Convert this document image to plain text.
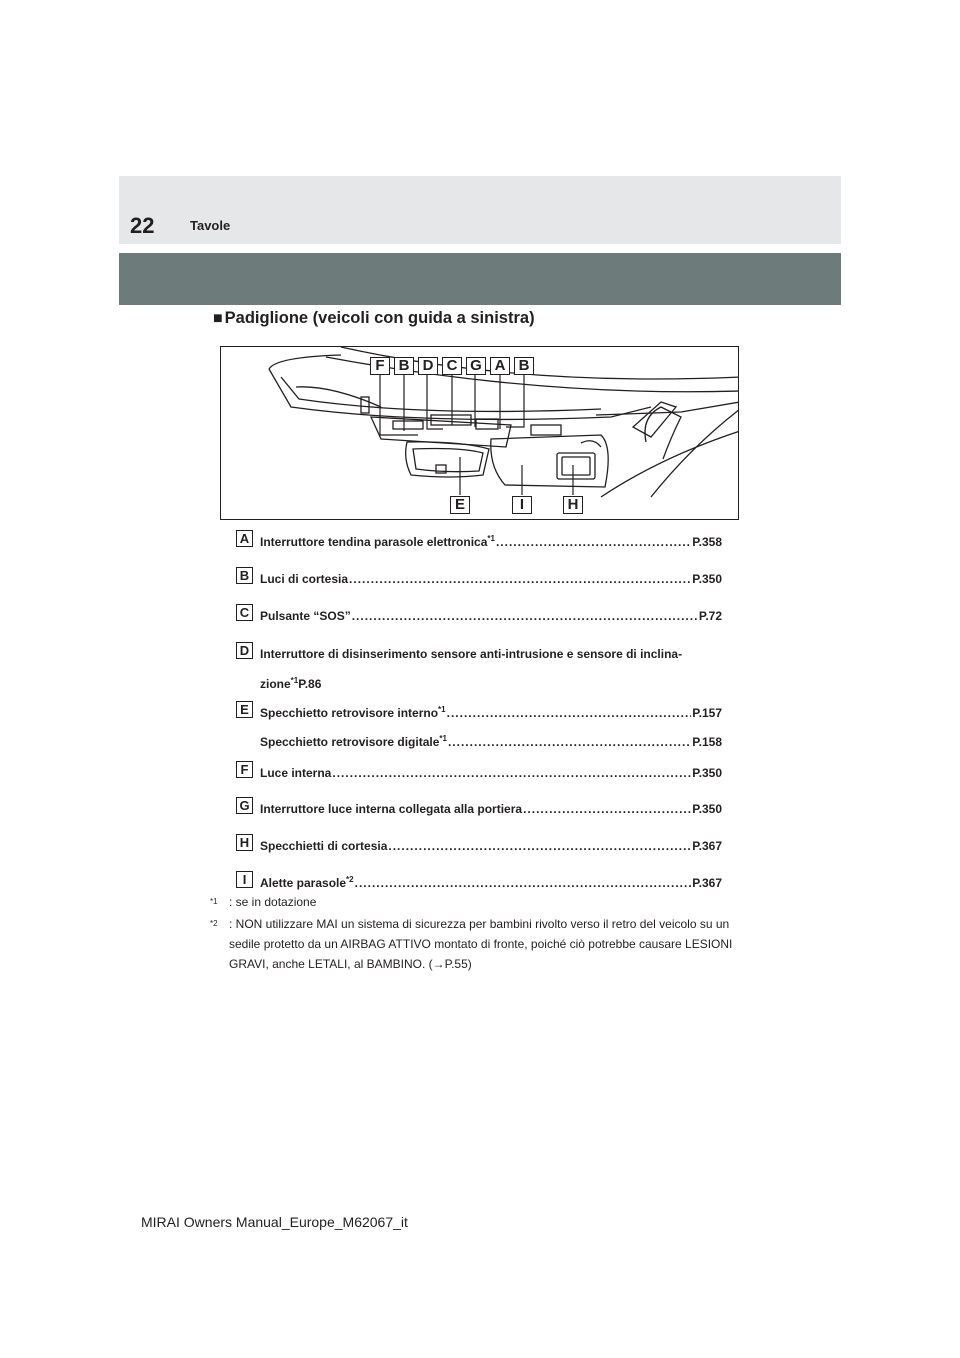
22	Tavole
■ Padiglione (veicoli con guida a sinistra)
F B D C G A B
E	I	H
A Interruttore tendina parasole elettronica$^{*1}$ .....	P.358
B Luci di cortesia .....	P.350
C Pulsante “SOS” .....	P.72
D Interruttore di disinserimento sensore anti-intrusione e sensore di inclina-
zione$^{*1}$P.86
E Specchietto retrovisore interno$^{*1}$ .....	P.157
Specchietto retrovisore digitale$^{*1}$ .....	P.158
F Luce interna .....	P.350
G Interruttore luce interna collegata alla portiera .....	P.350
H Specchietti di cortesia .....	P.367
I	Alette parasole$^{*2}$ .....	P.367
$^{*1}$ : se in dotazione
$^{*2}$ : NON utilizzare MAI un sistema di sicurezza per bambini rivolto verso il retro del veicolo su un sedile protetto da un AIRBAG ATTIVO montato di fronte, poiché ciò potrebbe causare LESIONI GRAVI, anche LETALI, al BAMBINO. (→P.55)
MIRAI Owners Manual_Europe_M62067_it
